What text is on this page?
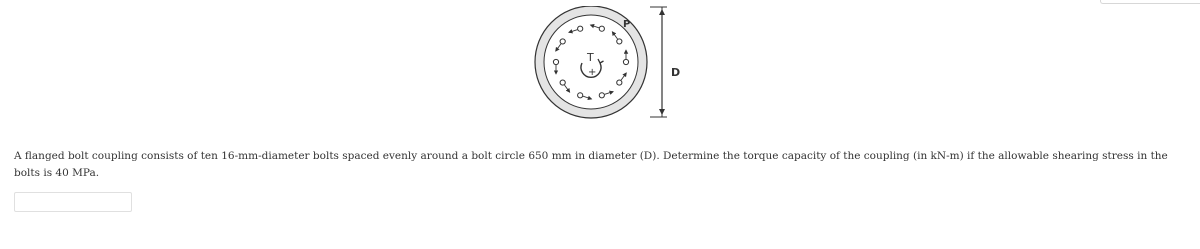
T
+
P
D

A flanged bolt coupling consists of ten 16-mm-diameter bolts spaced evenly around a bolt circle 650 mm in diameter (D). Determine the torque capacity of the coupling (in kN-m) if the allowable shearing stress in the bolts is 40 MPa.
